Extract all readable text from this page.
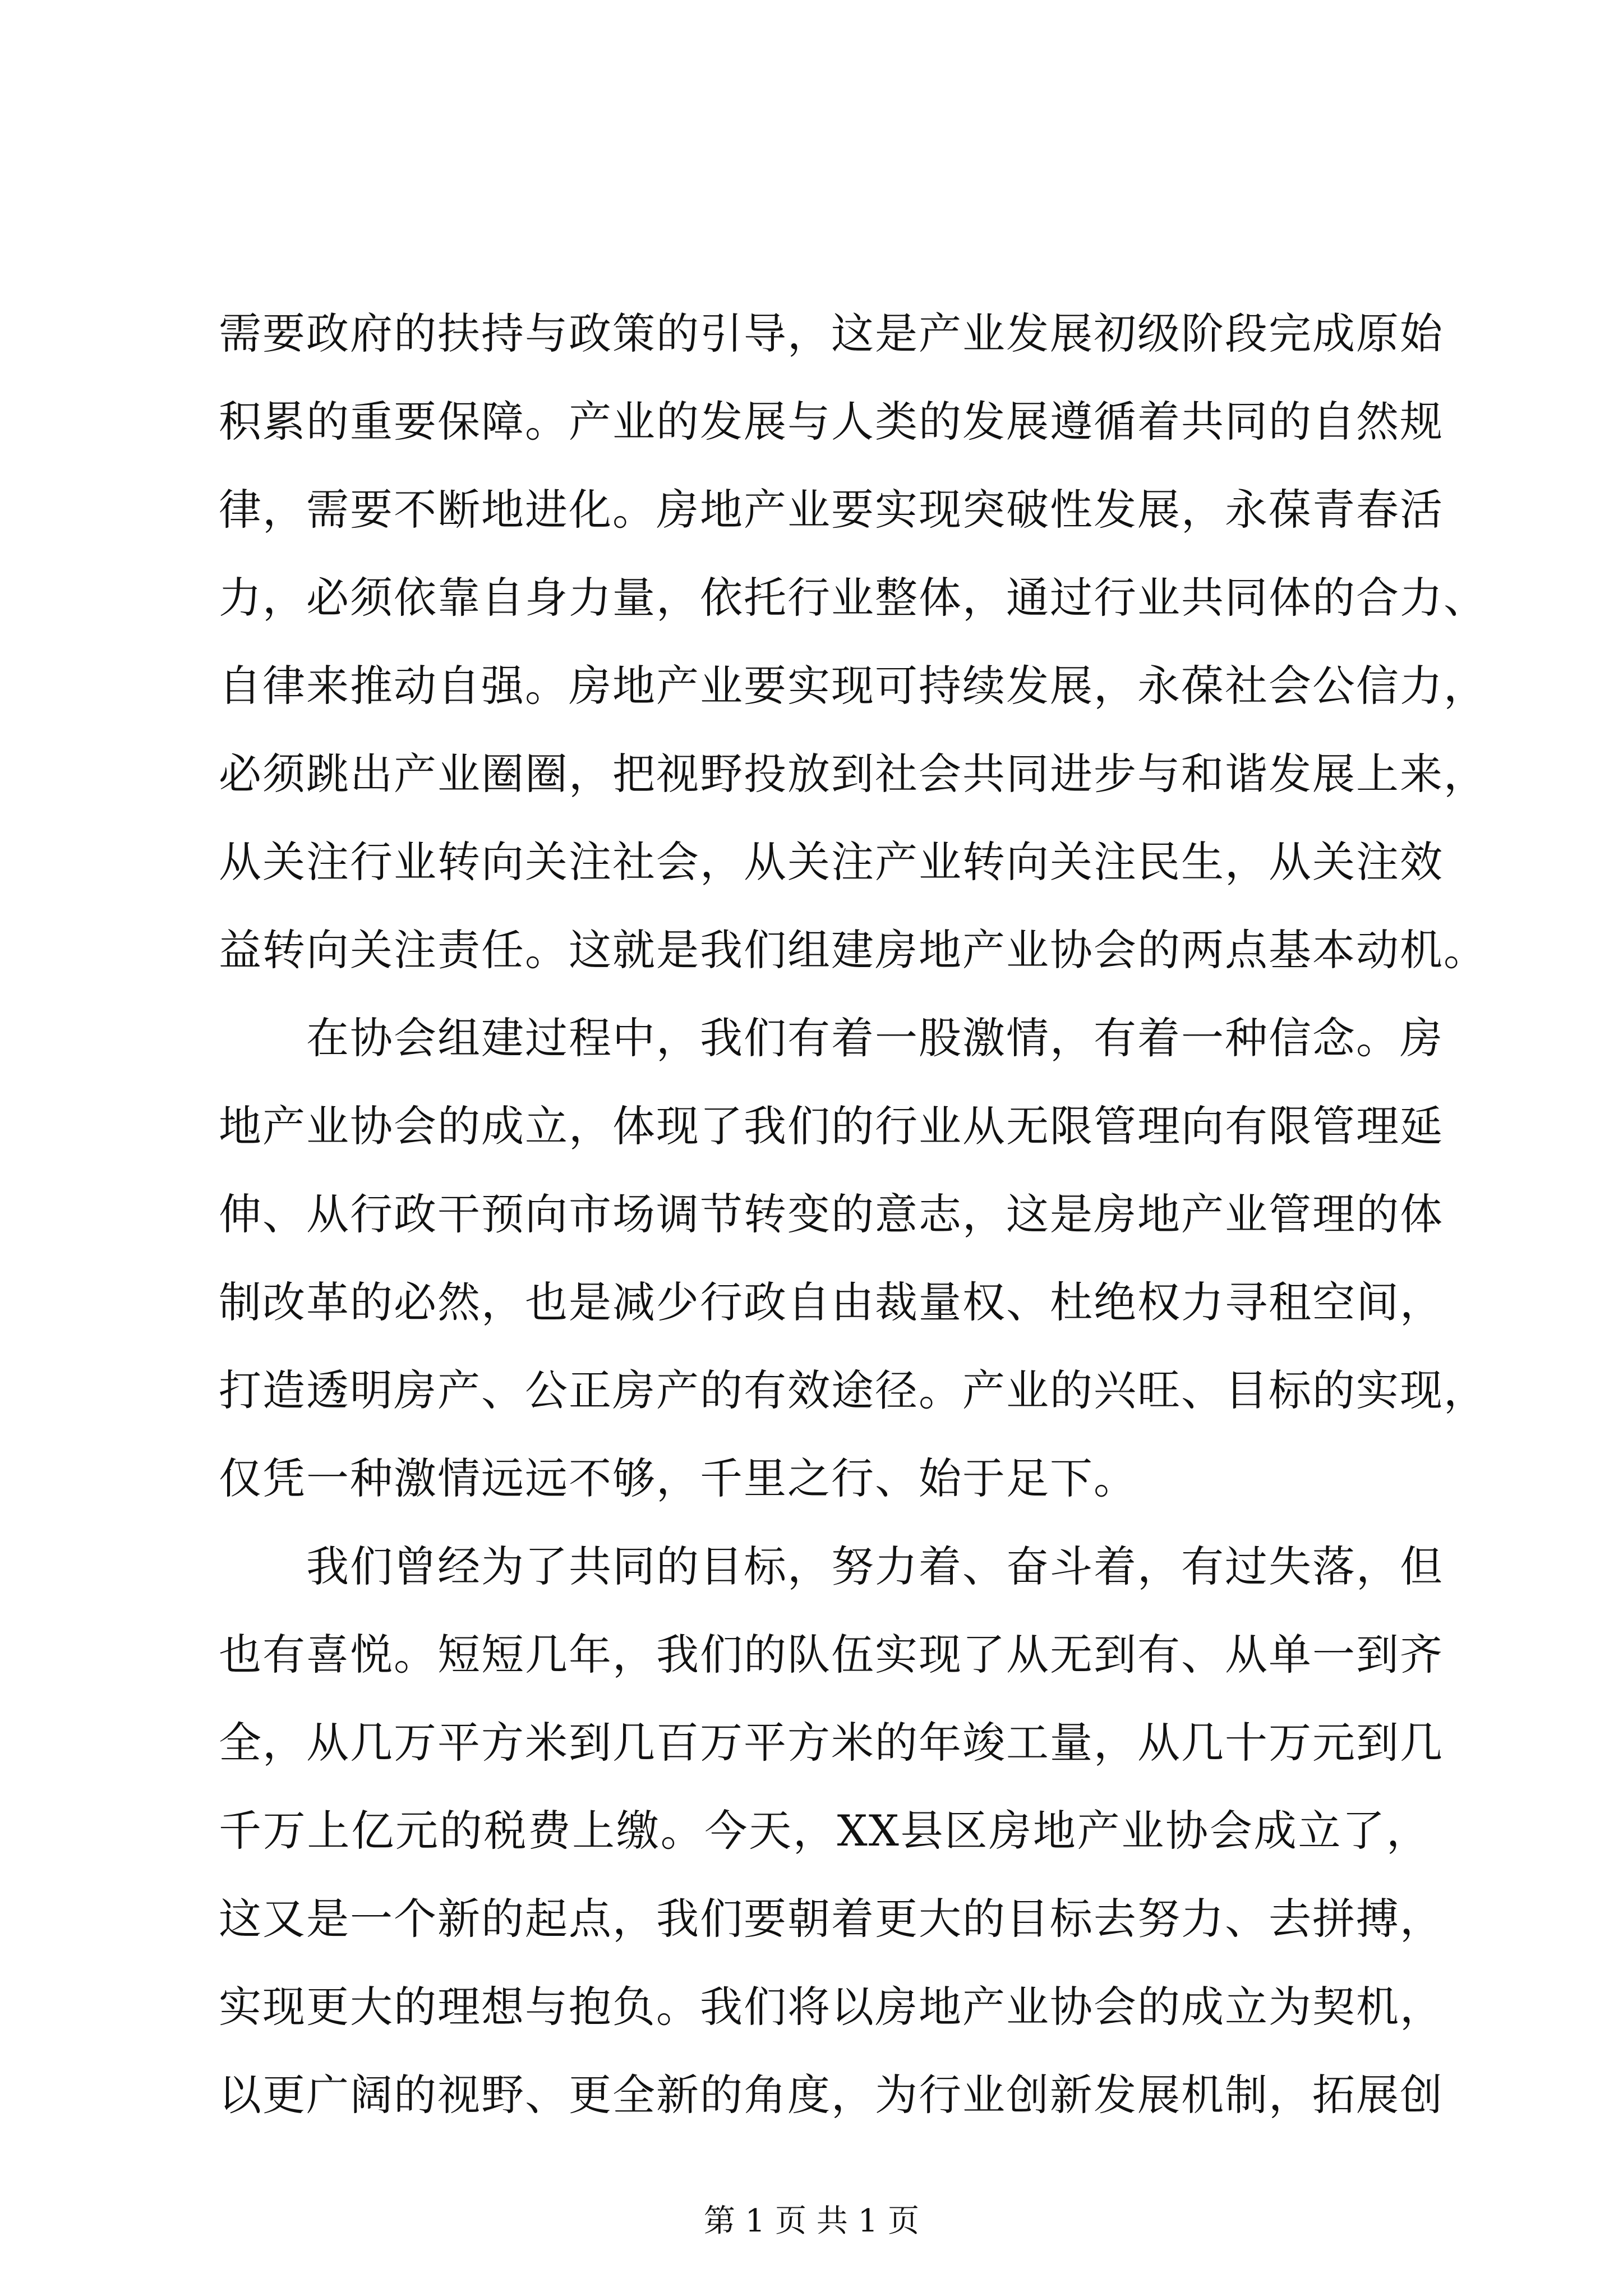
需要政府的扶持与政策的引导，这是产业发展初级阶段完成原始
积累的重要保障。产业的发展与人类的发展遵循着共同的自然规
律，需要不断地进化。房地产业要实现突破性发展，永葆青春活
力，必须依靠自身力量，依托行业整体，通过行业共同体的合力、
自律来推动自强。房地产业要实现可持续发展，永葆社会公信力，
必须跳出产业圈圈，把视野投放到社会共同进步与和谐发展上来，
从关注行业转向关注社会，从关注产业转向关注民生，从关注效
益转向关注责任。这就是我们组建房地产业协会的两点基本动机。
在协会组建过程中，我们有着一股激情，有着一种信念。房
地产业协会的成立，体现了我们的行业从无限管理向有限管理延
伸、从行政干预向市场调节转变的意志，这是房地产业管理的体
制改革的必然，也是减少行政自由裁量权、杜绝权力寻租空间，
打造透明房产、公正房产的有效途径。产业的兴旺、目标的实现，
仅凭一种激情远远不够，千里之行、始于足下。
我们曾经为了共同的目标，努力着、奋斗着，有过失落，但
也有喜悦。短短几年，我们的队伍实现了从无到有、从单一到齐
全，从几万平方米到几百万平方米的年竣工量，从几十万元到几
千万上亿元的税费上缴。今天，XX县区房地产业协会成立了，
这又是一个新的起点，我们要朝着更大的目标去努力、去拼搏，
实现更大的理想与抱负。我们将以房地产业协会的成立为契机，
以更广阔的视野、更全新的角度，为行业创新发展机制，拓展创
第 1 页 共 1 页
